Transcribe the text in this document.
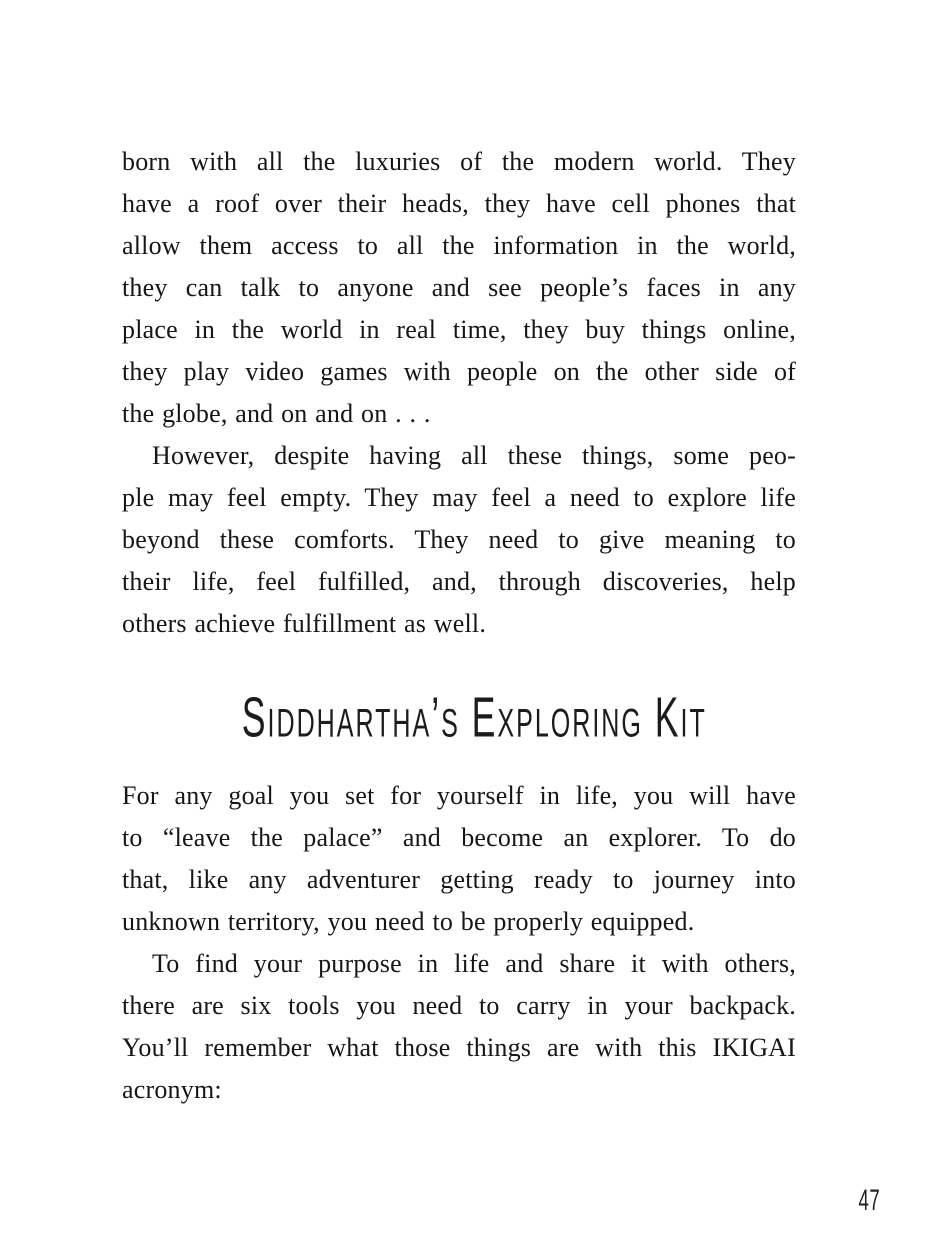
born with all the luxuries of the modern world. They
have a roof over their heads, they have cell phones that
allow them access to all the information in the world,
they can talk to anyone and see people’s faces in any
place in the world in real time, they buy things online,
they play video games with people on the other side of
the globe, and on and on . . .
However, despite having all these things, some peo-
ple may feel empty. They may feel a need to explore life
beyond these comforts. They need to give meaning to
their life, feel fulfilled, and, through discoveries, help
others achieve fulfillment as well.
Siddhartha’s Exploring Kit
For any goal you set for yourself in life, you will have
to “leave the palace” and become an explorer. To do
that, like any adventurer getting ready to journey into
unknown territory, you need to be properly equipped.
To find your purpose in life and share it with others,
there are six tools you need to carry in your backpack.
You’ll remember what those things are with this IKIGAI
acronym:
47
